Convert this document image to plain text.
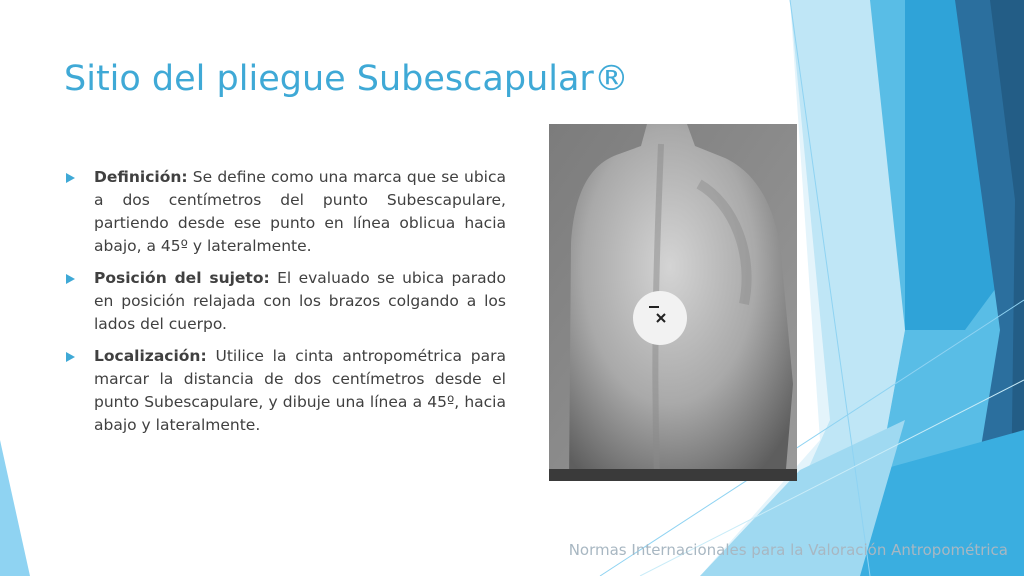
Sitio del pliegue Subescapular®
Definición: Se define como una marca que se ubica a dos centímetros del punto Subescapulare, partiendo desde ese punto en línea oblicua hacia abajo, a 45º y lateralmente.
Posición del sujeto: El evaluado se ubica parado en posición relajada con los brazos colgando a los lados del cuerpo.
Localización: Utilice la cinta antropométrica para marcar la distancia de dos centímetros desde el punto Subescapulare, y dibuje una línea a 45º, hacia abajo y lateralmente.
Normas Internacionales para la Valoración Antropométrica
